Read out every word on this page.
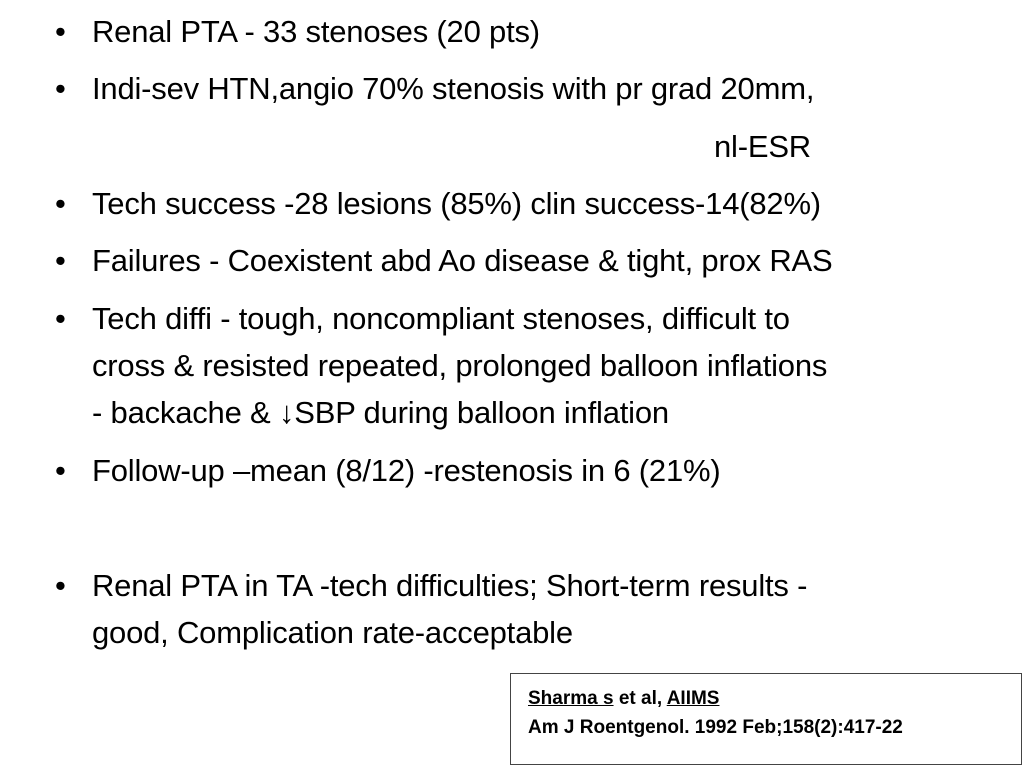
• Renal PTA - 33 stenoses (20 pts)
• Indi-sev HTN,angio 70% stenosis with pr grad 20mm,
nl-ESR
• Tech success -28 lesions (85%) clin success-14(82%)
• Failures - Coexistent abd Ao disease & tight, prox RAS
• Tech diffi - tough, noncompliant stenoses, difficult to
cross & resisted repeated, prolonged balloon inflations
- backache & ↓SBP during balloon inflation
• Follow-up –mean (8/12) -restenosis in 6 (21%)
• Renal PTA in TA -tech difficulties; Short-term results -
good, Complication rate-acceptable
Sharma s et al, AIIMS
Am J Roentgenol. 1992 Feb;158(2):417-22
